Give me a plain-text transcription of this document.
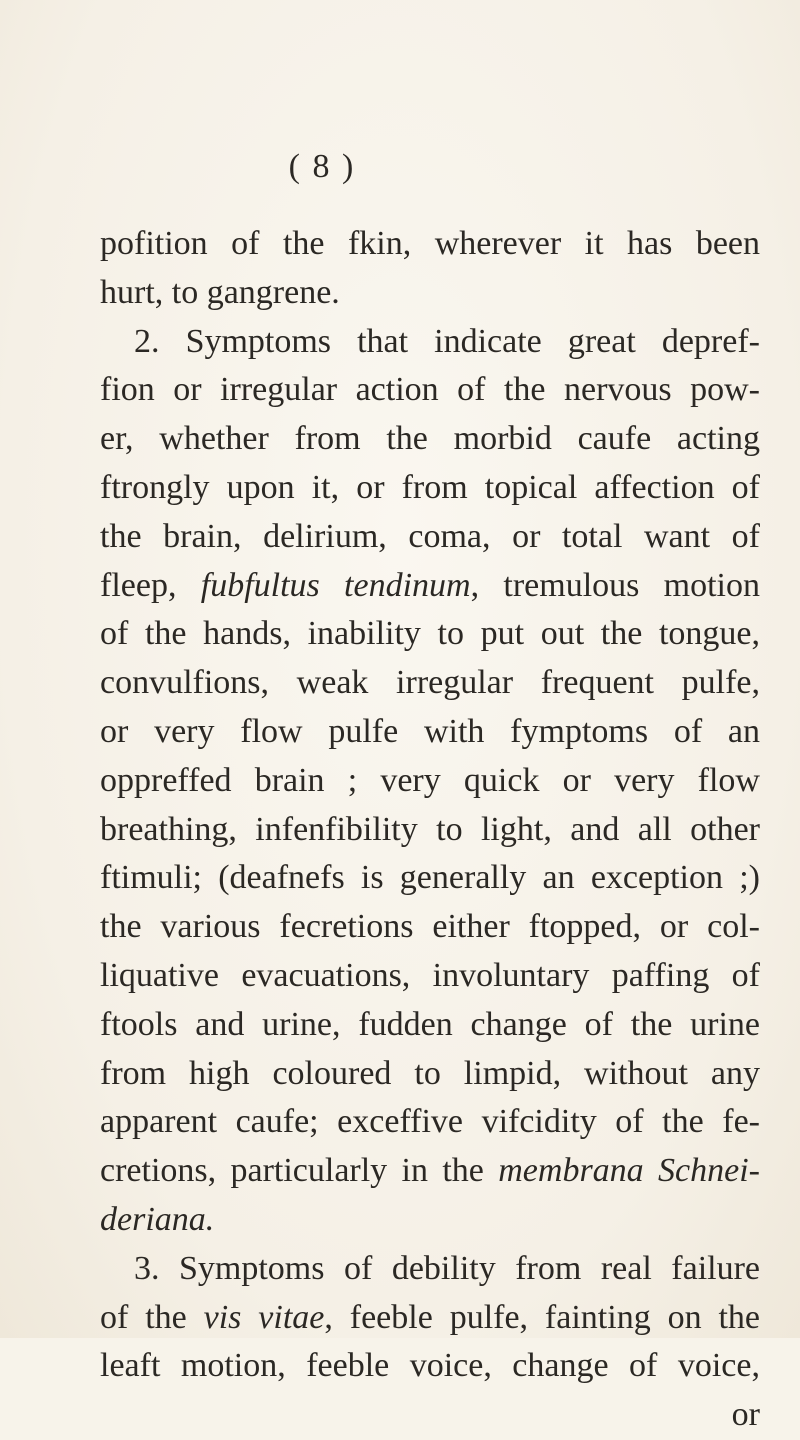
( 8 )
pofition of the fkin, wherever it has been
hurt, to gangrene.
2. Symptoms that indicate great depref-
fion or irregular action of the nervous pow-
er, whether from the morbid caufe acting
ftrongly upon it, or from topical affection of
the brain, delirium, coma, or total want of
fleep, fubfultus tendinum, tremulous motion
of the hands, inability to put out the tongue,
convulfions, weak irregular frequent pulfe,
or very flow pulfe with fymptoms of an
oppreffed brain ; very quick or very flow
breathing, infenfibility to light, and all other
ftimuli; (deafnefs is generally an exception ;)
the various fecretions either ftopped, or col-
liquative evacuations, involuntary paffing of
ftools and urine, fudden change of the urine
from high coloured to limpid, without any
apparent caufe; exceffive vifcidity of the fe-
cretions, particularly in the membrana Schnei-
deriana.
3. Symptoms of debility from real failure
of the vis vitae, feeble pulfe, fainting on the
leaft motion, feeble voice, change of voice,
or
